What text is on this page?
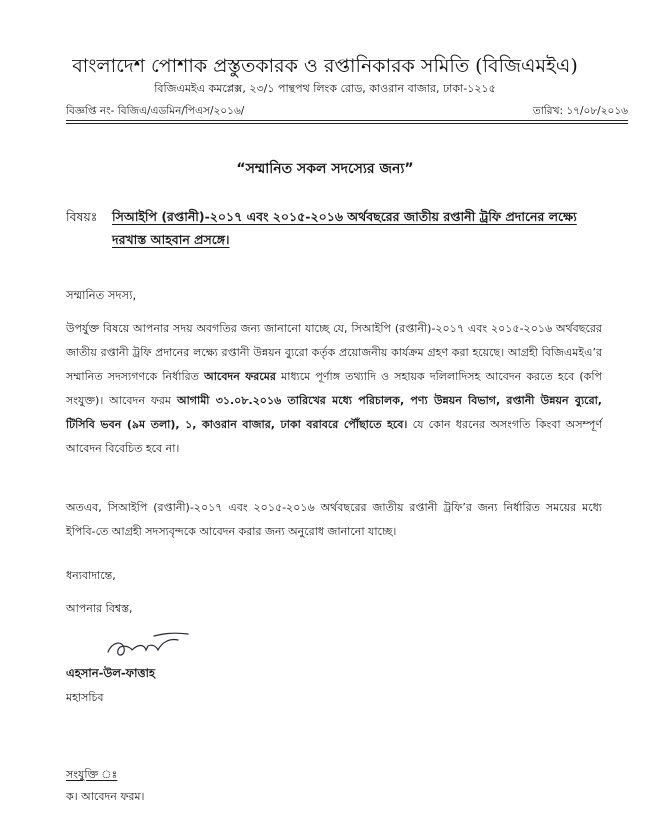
বাংলাদেশ পোশাক প্রস্তুতকারক ও রপ্তানিকারক সমিতি (বিজিএমইএ)
বিজিএমইএ কমপ্লেক্স, ২৩/১ পান্থপথ লিংক রোড, কাওরান বাজার, ঢাকা-১২১৫
বিজ্ঞপ্তি নং- বিজিএ/এডমিন/পিএস/২০১৬/	তারিখ: ১৭/০৮/২০১৬
“সম্মানিত সকল সদস্যের জন্য”
বিষয়ঃ সিআইপি (রপ্তানী)-২০১৭ এবং ২০১৫-২০১৬ অর্থবছরের জাতীয় রপ্তানী ট্রফি প্রদানের লক্ষ্যে দরখাস্ত আহবান প্রসঙ্গে।
সম্মানিত সদস্য,
উপর্যুক্ত বিষয়ে আপনার সদয় অবগতির জন্য জানানো যাচ্ছে যে, সিআইপি (রপ্তানী)-২০১৭ এবং ২০১৫-২০১৬ অর্থবছরের জাতীয় রপ্তানী ট্রফি প্রদানের লক্ষ্যে রপ্তানী উন্নয়ন ব্যুরো কর্তৃক প্রয়োজনীয় কার্যক্রম গ্রহণ করা হয়েছে। আগ্রহী বিজিএমইএ’র সম্মানিত সদস্যগণকে নির্ধারিত আবেদন ফরমের মাধ্যমে পূর্ণাঙ্গ তথ্যাদি ও সহায়ক দলিলাদিসহ আবেদন করতে হবে (কপি সংযুক্ত)। আবেদন ফরম আগামী ৩১.০৮.২০১৬ তারিখের মধ্যে পরিচালক, পণ্য উন্নয়ন বিভাগ, রপ্তানী উন্নয়ন ব্যুরো, টিসিবি ভবন (৯ম তলা), ১, কাওরান বাজার, ঢাকা বরাবরে পৌঁছাতে হবে। যে কোন ধরনের অসংগতি কিংবা অসম্পূর্ণ আবেদন বিবেচিত হবে না।
অতএব, সিআইপি (রপ্তানী)-২০১৭ এবং ২০১৫-২০১৬ অর্থবছরের জাতীয় রপ্তানী ট্রফি’র জন্য নির্ধারিত সময়ের মধ্যে ইপিবি-তে আগ্রহী সদস্যবৃন্দকে আবেদন করার জন্য অনুরোধ জানানো যাচ্ছে।
ধন্যবাদান্তে,
আপনার বিশ্বস্ত,
এহসান-উল-ফাত্তাহ
মহাসচিব
সংযুক্তি ঃ
ক। আবেদন ফরম।
